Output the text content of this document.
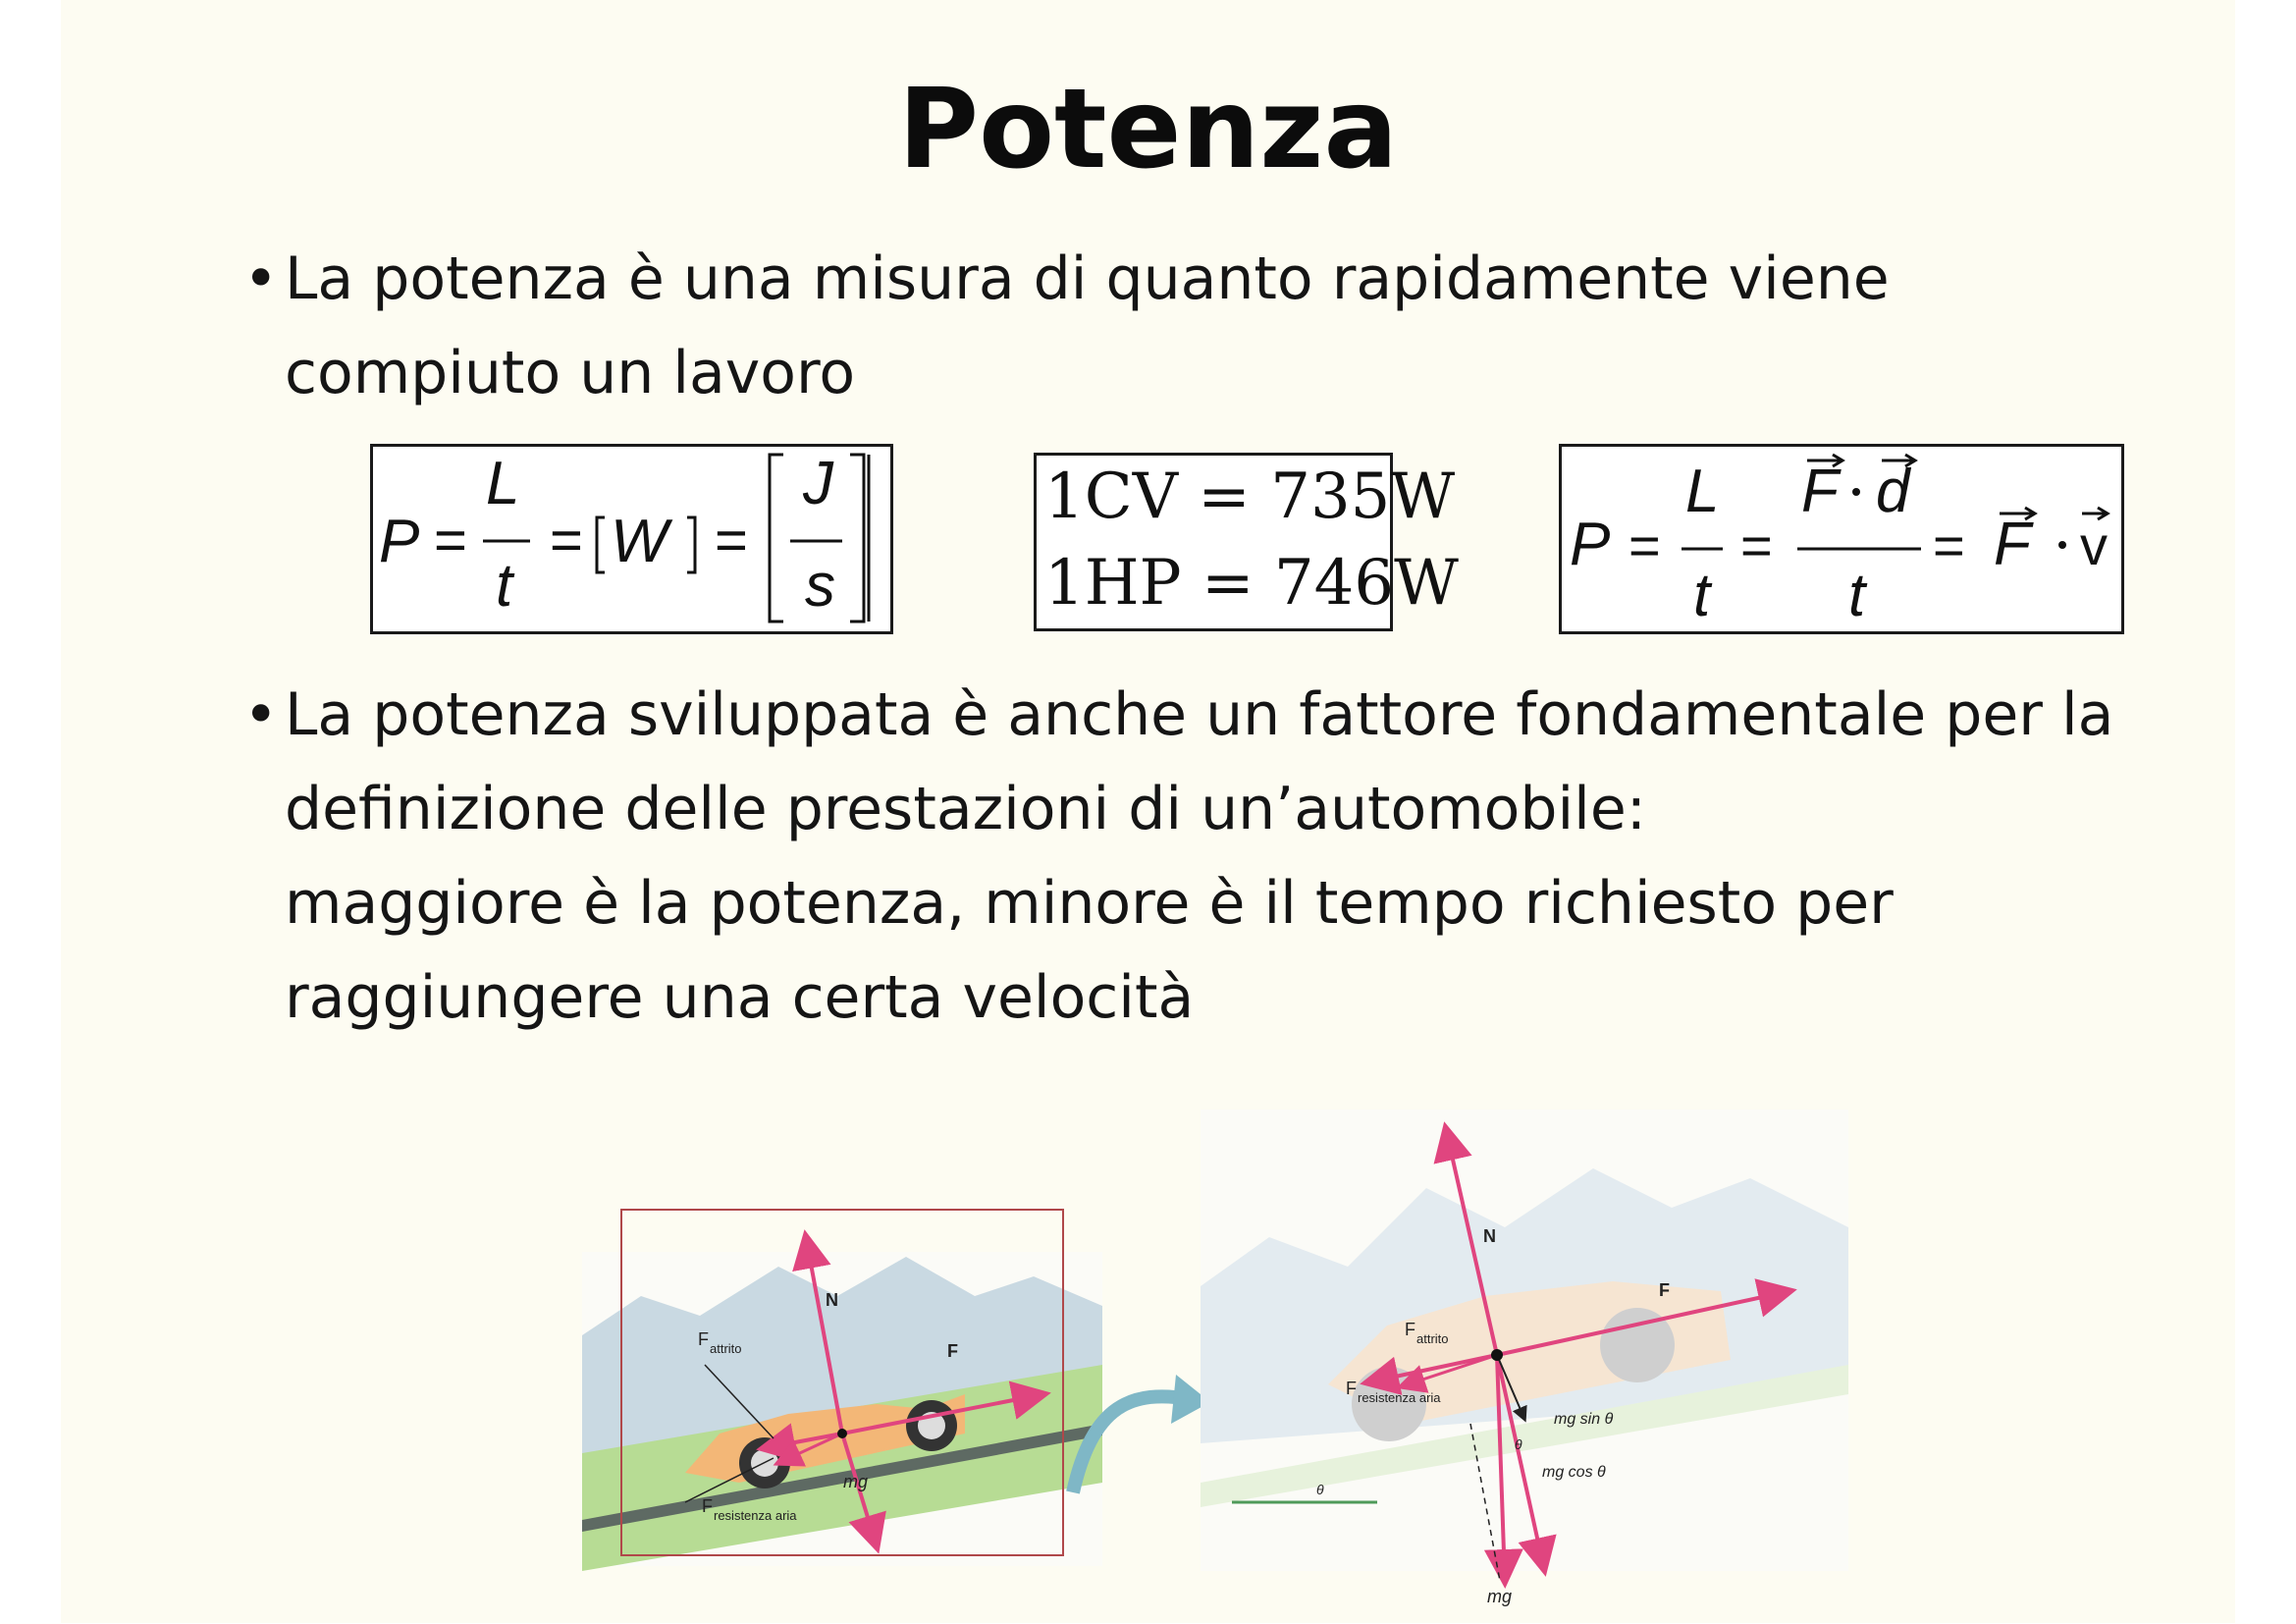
Potenza
• La potenza è una misura di quanto rapidamente viene
compiuto un lavoro
P
L
t
W
J
s
= = =
1CV = 735W
1HP = 746W
P
L
t
F d
t
F
= =	= v
• La potenza sviluppata è anche un fattore fondamentale per la
definizione delle prestazioni di un’automobile:
maggiore è la potenza, minore è il tempo richiesto per
raggiungere una certa velocità
N
F
F attrito
mg
F resistenza aria
N
F
F attrito
F resistenza aria
mg sin θ
mg cos θ
θ
θ
mg
